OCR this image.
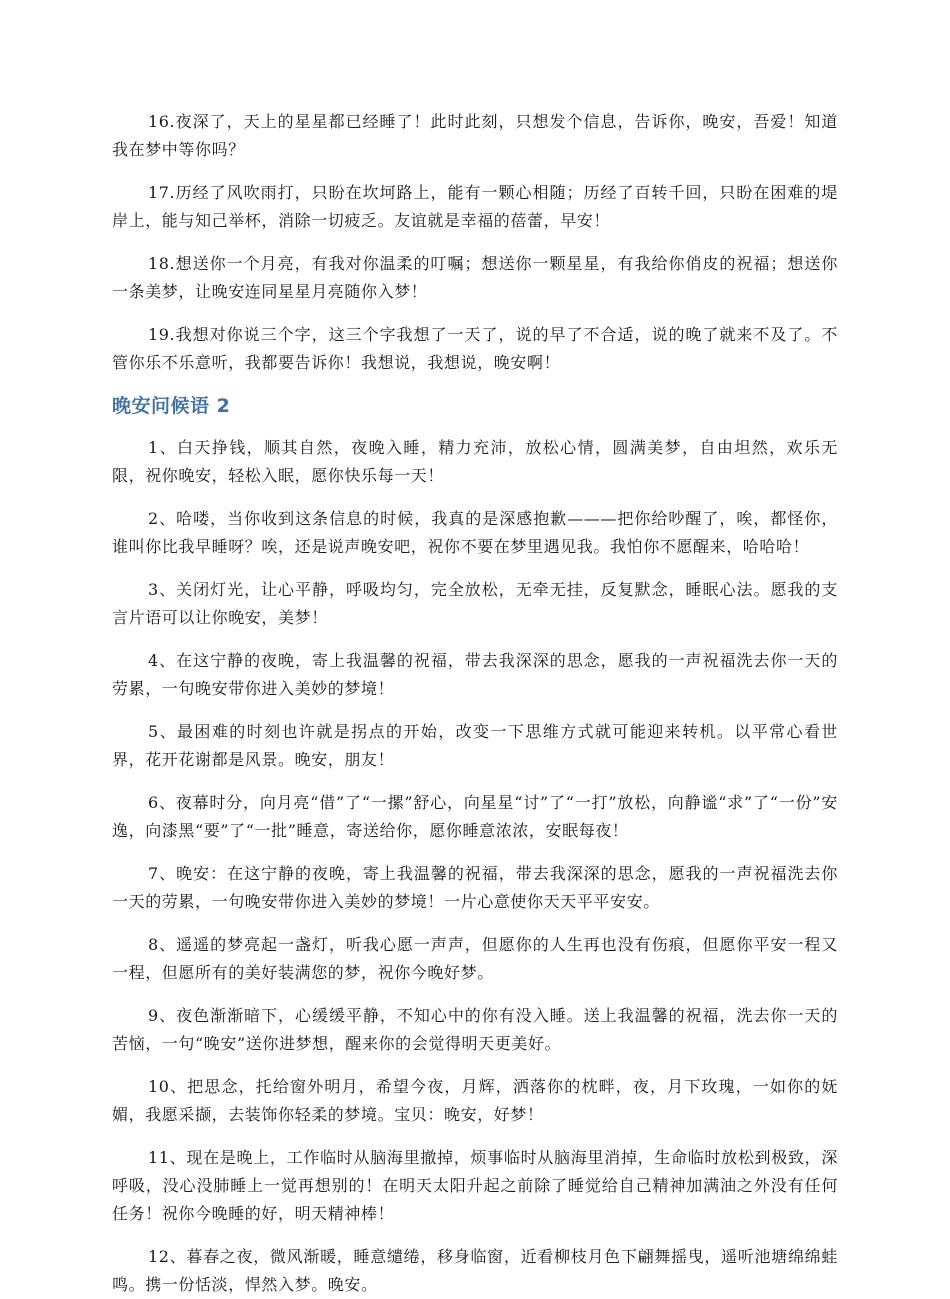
16.夜深了，天上的星星都已经睡了！此时此刻，只想发个信息，告诉你，晚安，吾爱！知道我在梦中等你吗？

17.历经了风吹雨打，只盼在坎坷路上，能有一颗心相随；历经了百转千回，只盼在困难的堤岸上，能与知己举杯，消除一切疲乏。友谊就是幸福的蓓蕾，早安！

18.想送你一个月亮，有我对你温柔的叮嘱；想送你一颗星星，有我给你俏皮的祝福；想送你一条美梦，让晚安连同星星月亮随你入梦！

19.我想对你说三个字，这三个字我想了一天了，说的早了不合适，说的晚了就来不及了。不管你乐不乐意听，我都要告诉你！我想说，我想说，晚安啊！

晚安问候语 2

1、白天挣钱，顺其自然，夜晚入睡，精力充沛，放松心情，圆满美梦，自由坦然，欢乐无限，祝你晚安，轻松入眠，愿你快乐每一天！

2、哈喽，当你收到这条信息的时候，我真的是深感抱歉———把你给吵醒了，唉，都怪你，谁叫你比我早睡呀？唉，还是说声晚安吧，祝你不要在梦里遇见我。我怕你不愿醒来，哈哈哈！

3、关闭灯光，让心平静，呼吸均匀，完全放松，无牵无挂，反复默念，睡眠心法。愿我的支言片语可以让你晚安，美梦！

4、在这宁静的夜晚，寄上我温馨的祝福，带去我深深的思念，愿我的一声祝福洗去你一天的劳累，一句晚安带你进入美妙的梦境！

5、最困难的时刻也许就是拐点的开始，改变一下思维方式就可能迎来转机。以平常心看世界，花开花谢都是风景。晚安，朋友！

6、夜幕时分，向月亮“借”了“一摞”舒心，向星星“讨”了“一打”放松，向静谧“求”了“一份”安逸，向漆黑“要”了“一批”睡意，寄送给你，愿你睡意浓浓，安眠每夜！

7、晚安：在这宁静的夜晚，寄上我温馨的祝福，带去我深深的思念，愿我的一声祝福洗去你一天的劳累，一句晚安带你进入美妙的梦境！一片心意使你天天平平安安。

8、遥遥的梦亮起一盏灯，听我心愿一声声，但愿你的人生再也没有伤痕，但愿你平安一程又一程，但愿所有的美好装满您的梦，祝你今晚好梦。

9、夜色渐渐暗下，心缓缓平静，不知心中的你有没入睡。送上我温馨的祝福，洗去你一天的苦恼，一句“晚安”送你进梦想，醒来你的会觉得明天更美好。

10、把思念，托给窗外明月，希望今夜，月辉，洒落你的枕畔，夜，月下玫瑰，一如你的妩媚，我愿采撷，去装饰你轻柔的梦境。宝贝：晚安，好梦！

11、现在是晚上，工作临时从脑海里撤掉，烦事临时从脑海里消掉，生命临时放松到极致，深呼吸，没心没肺睡上一觉再想别的！在明天太阳升起之前除了睡觉给自己精神加满油之外没有任何任务！祝你今晚睡的好，明天精神棒！

12、暮春之夜，微风渐暖，睡意缱绻，移身临窗，近看柳枝月色下翩舞摇曳，遥听池塘绵绵蛙鸣。携一份恬淡，悍然入梦。晚安。
